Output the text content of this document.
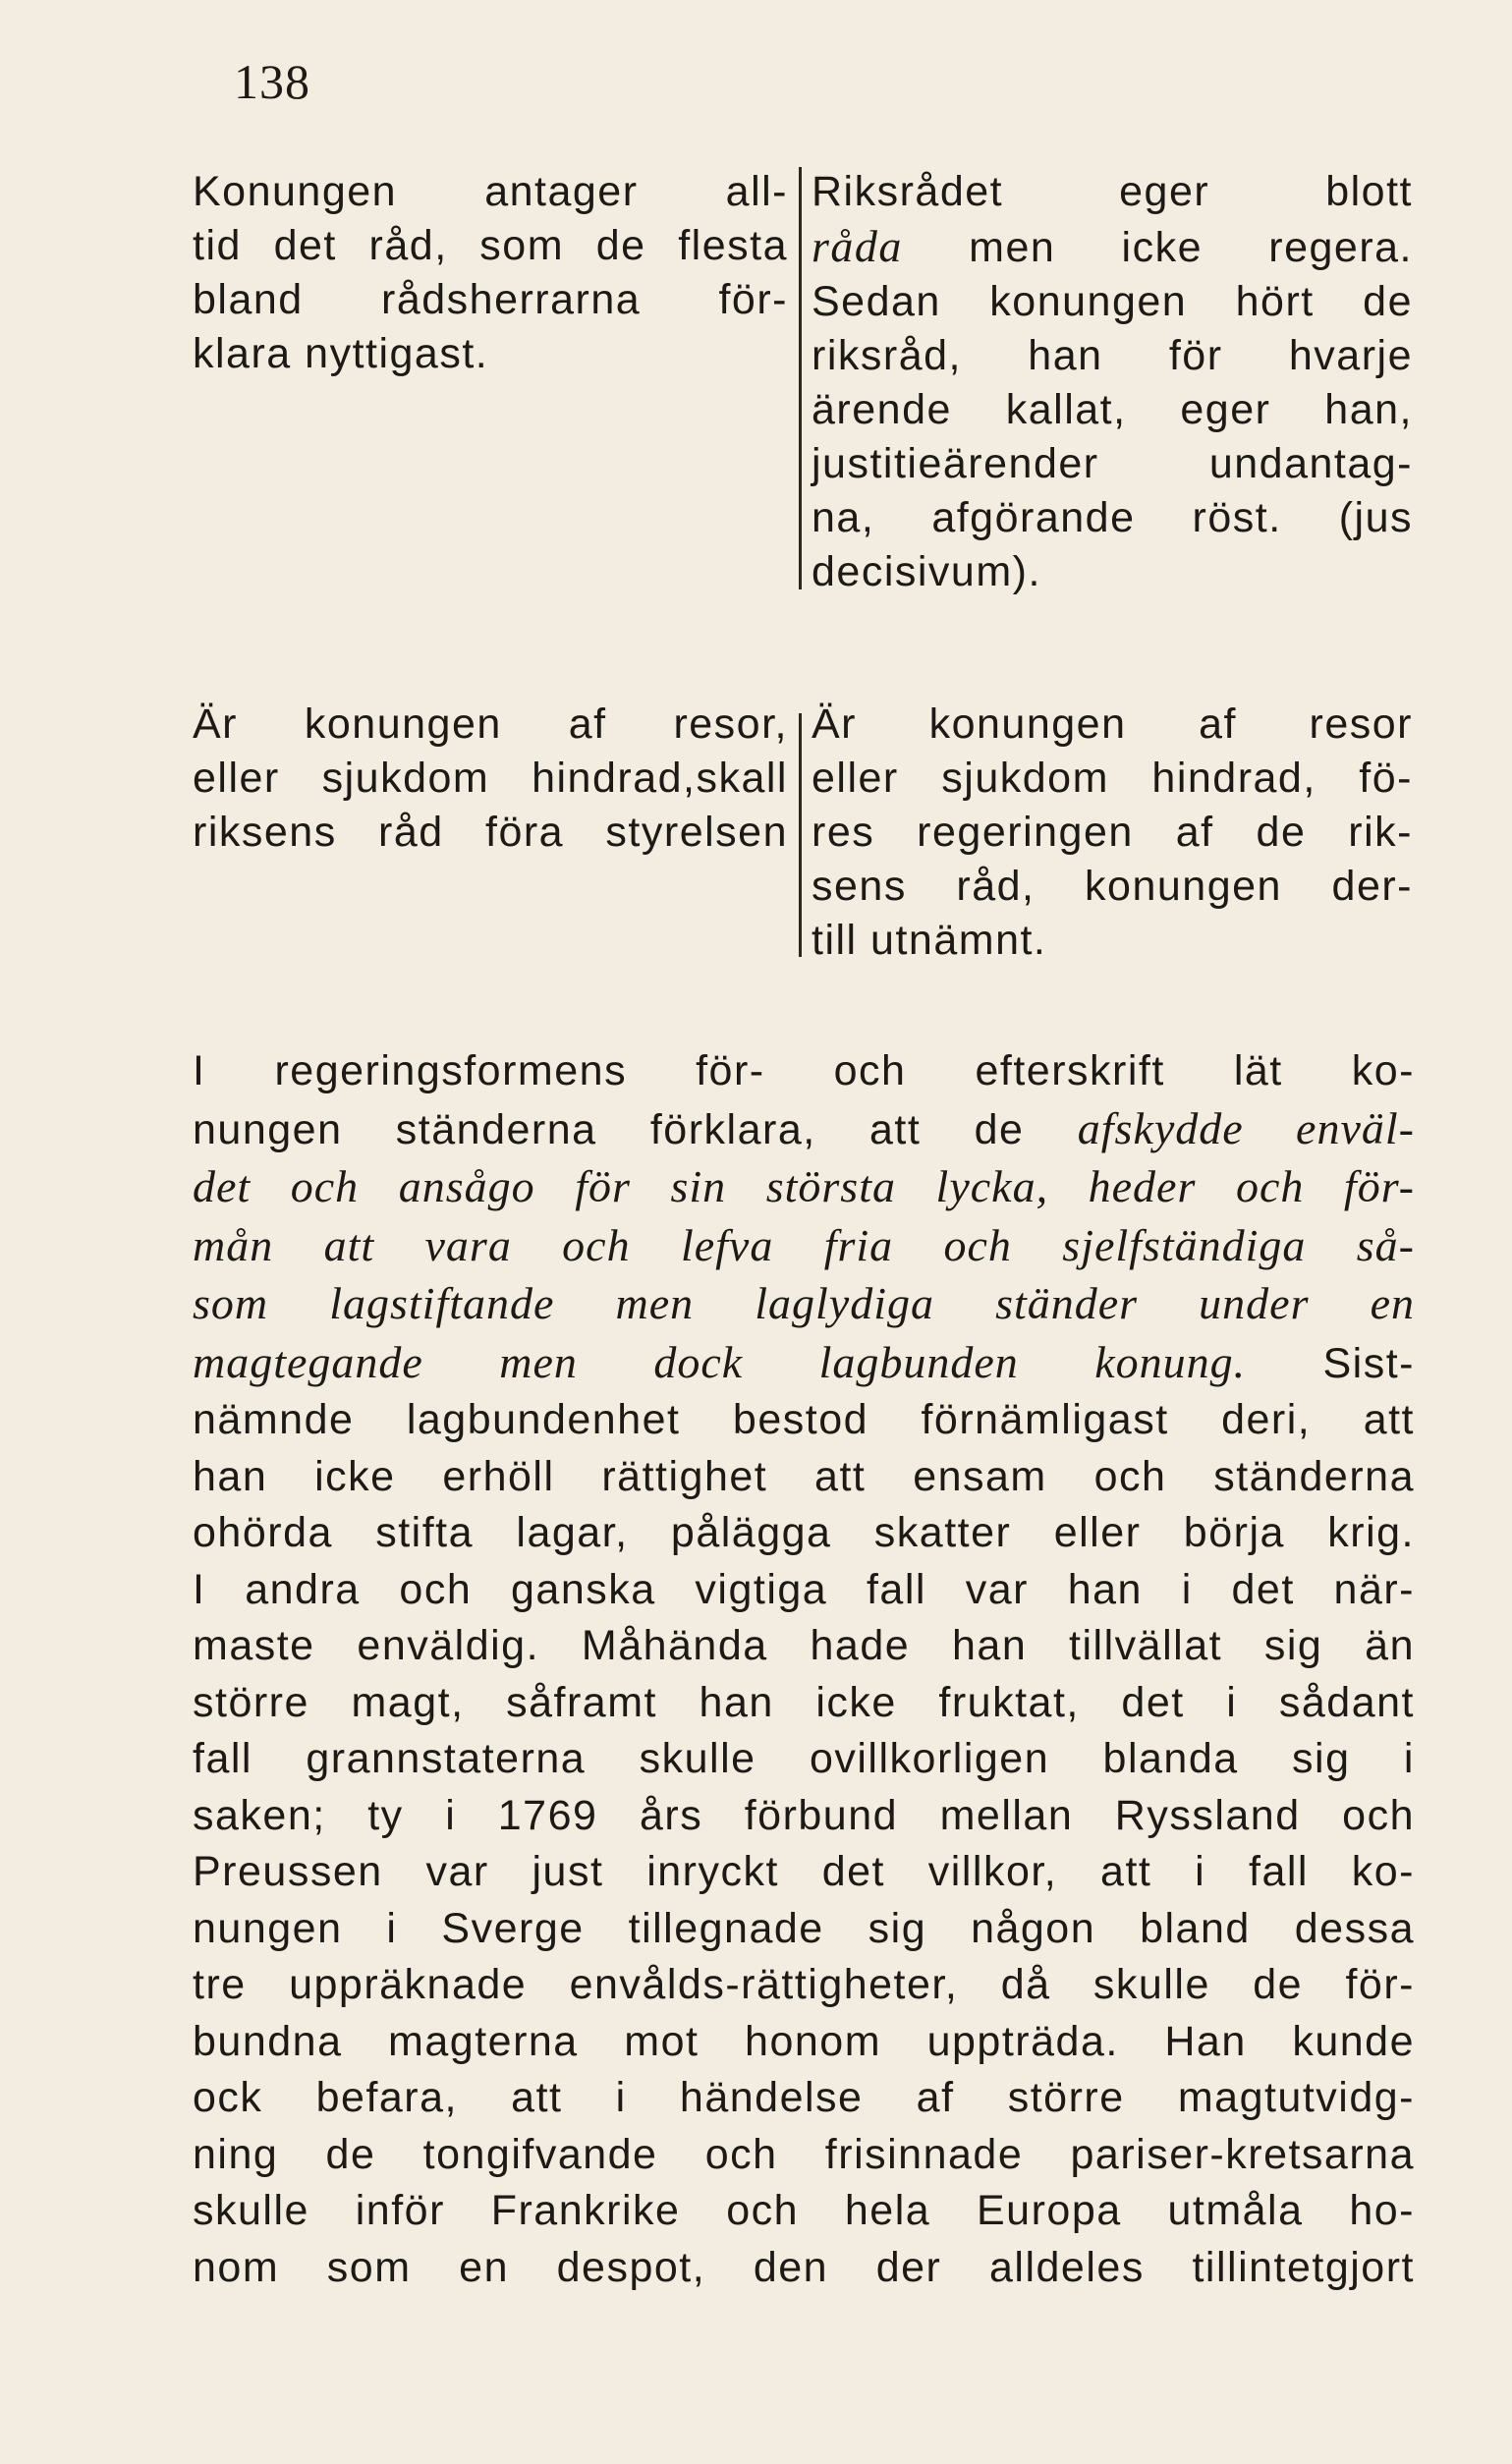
138
Konungen antager all-
tid det råd, som de flesta
bland rådsherrarna för-
klara nyttigast.
Riksrådet eger blott
råda men icke regera.
Sedan konungen hört de
riksråd, han för hvarje
ärende kallat, eger han,
justitieärender undantag-
na, afgörande röst. (jus
decisivum).
Är konungen af resor,
eller sjukdom hindrad,skall
riksens råd föra styrelsen
Är konungen af resor
eller sjukdom hindrad, fö-
res regeringen af de rik-
sens råd, konungen der-
till utnämnt.
I regeringsformens för- och efterskrift lät ko-
nungen ständerna förklara, att de afskydde enväl-
det och ansågo för sin största lycka, heder och för-
mån att vara och lefva fria och sjelfständiga så-
som lagstiftande men laglydiga ständer under en
magtegande men dock lagbunden konung. Sist-
nämnde lagbundenhet bestod förnämligast deri, att
han icke erhöll rättighet att ensam och ständerna
ohörda stifta lagar, pålägga skatter eller börja krig.
I andra och ganska vigtiga fall var han i det när-
maste enväldig. Måhända hade han tillvällat sig än
större magt, såframt han icke fruktat, det i sådant
fall grannstaterna skulle ovillkorligen blanda sig i
saken; ty i 1769 års förbund mellan Ryssland och
Preussen var just inryckt det villkor, att i fall ko-
nungen i Sverge tillegnade sig någon bland dessa
tre uppräknade envålds-rättigheter, då skulle de för-
bundna magterna mot honom uppträda. Han kunde
ock befara, att i händelse af större magtutvidg-
ning de tongifvande och frisinnade pariser-kretsarna
skulle inför Frankrike och hela Europa utmåla ho-
nom som en despot, den der alldeles tillintetgjort
